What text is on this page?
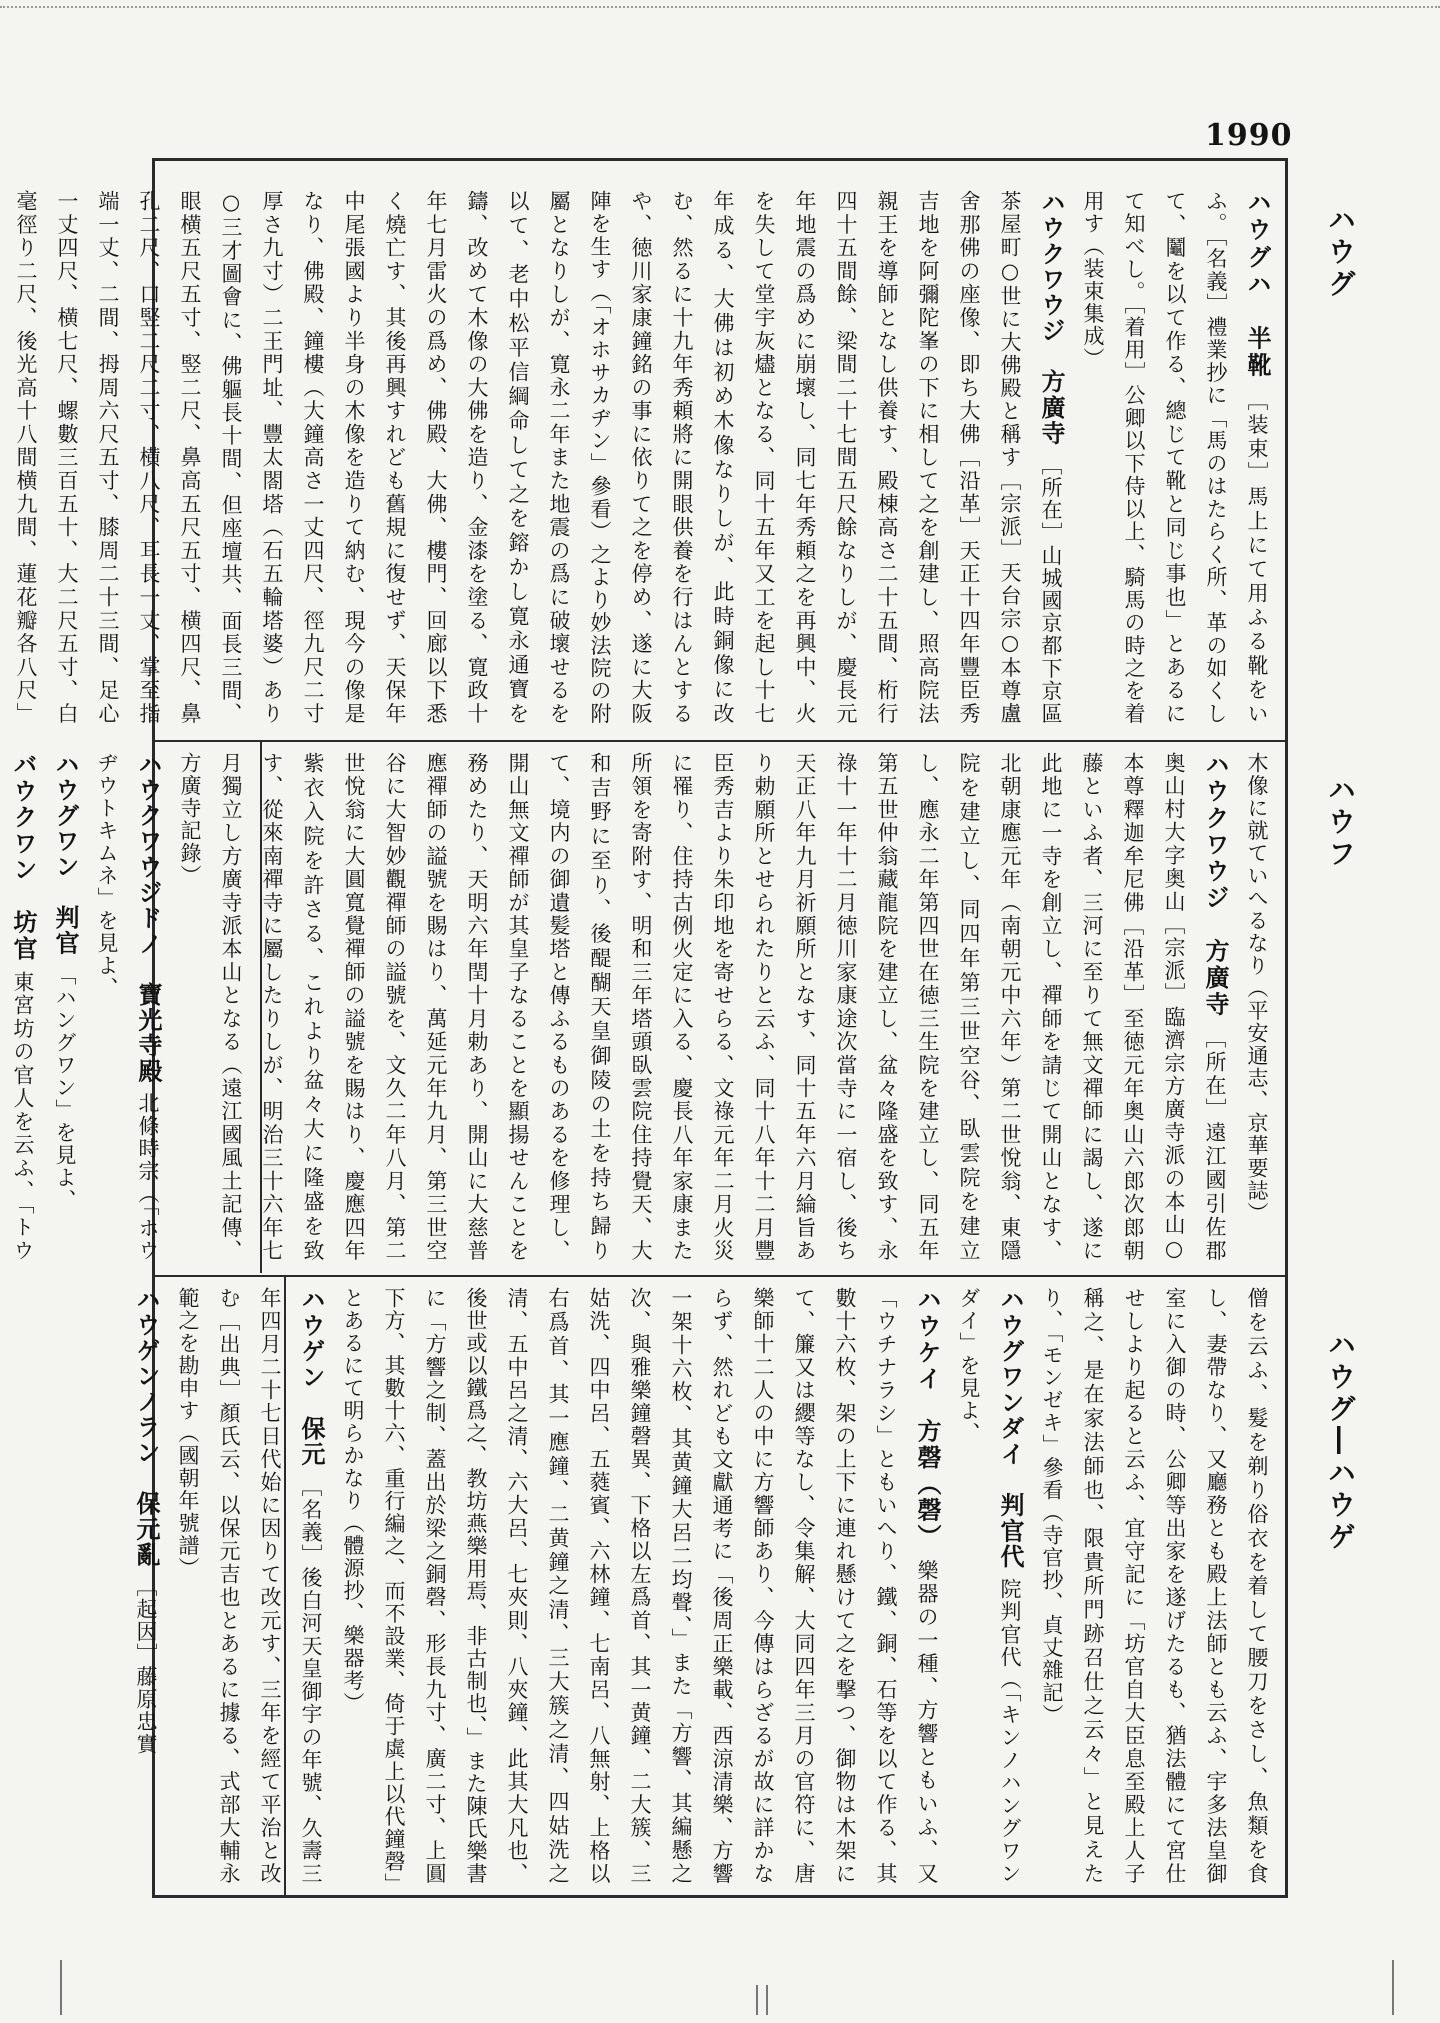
1990
ハウグ
ハウフ
ハウグ―ハウゲ
ハウグハ　半靴 ［装束］馬上にて用ふる靴をいふ。［名義］禮業抄に「馬のはたらく所、革の如くして、鬮を以て作る、總じて靴と同じ事也」とあるにて知べし。［着用］公卿以下侍以上、騎馬の時之を着用す（装束集成）
ハウクワウジ　方廣寺 ［所在］山城國京都下京區茶屋町○世に大佛殿と稱す［宗派］天台宗○本尊盧舍那佛の座像、即ち大佛［沿革］天正十四年豐臣秀吉地を阿彌陀峯の下に相して之を創建し、照高院法親王を導師となし供養す、殿棟高さ二十五間、桁行四十五間餘、梁間二十七間五尺餘なりしが、慶長元年地震の爲めに崩壞し、同七年秀頼之を再興中、火を失して堂宇灰燼となる、同十五年又工を起し十七年成る、大佛は初め木像なりしが、此時銅像に改む、然るに十九年秀頼將に開眼供養を行はんとするや、徳川家康鐘銘の事に依りて之を停め、遂に大阪陣を生す（「オホサカヂン」參看）之より妙法院の附屬となりしが、寛永二年また地震の爲に破壞せるを以て、老中松平信綱命して之を鎔かし寛永通寶を鑄、改めて木像の大佛を造り、金漆を塗る、寛政十年七月雷火の爲め、佛殿、大佛、樓門、回廊以下悉く燒亡す、其後再興すれども舊規に復せず、天保年中尾張國より半身の木像を造りて納む、現今の像是なり、佛殿、鐘樓（大鐘高さ一丈四尺、徑九尺二寸厚さ九寸）二王門址、豐太閤塔（石五輪塔婆）あり○三才圖會に、佛軀長十間、但座壇共、面長三間、眼横五尺五寸、竪二尺、鼻高五尺五寸、横四尺、鼻孔二尺、口竪二尺二寸、横八尺、耳長一丈、掌至指端一丈、二間、拇周六尺五寸、膝周二十三間、足心一丈四尺、横七尺、螺數三百五十、大二尺五寸、白毫徑り二尺、後光高十八間横九間、蓮花瓣各八尺」
木像に就ていへるなり（平安通志、京華要誌）
ハウクワウジ　方廣寺 ［所在］遠江國引佐郡奥山村大字奥山［宗派］臨濟宗方廣寺派の本山○本尊釋迦牟尼佛［沿革］至徳元年奥山六郎次郎朝藤といふ者、三河に至りて無文禪師に謁し、遂に此地に一寺を創立し、禪師を請じて開山となす、北朝康應元年（南朝元中六年）第二世悅翁、東隱院を建立し、同四年第三世空谷、臥雲院を建立し、應永二年第四世在徳三生院を建立し、同五年第五世仲翁藏龍院を建立し、盆々隆盛を致す、永祿十一年十二月徳川家康途次當寺に一宿し、後ち天正八年九月祈願所となす、同十五年六月綸旨あり勅願所とせられたりと云ふ、同十八年十二月豐臣秀吉より朱印地を寄せらる、文祿元年二月火災に罹り、住持古例火定に入る、慶長八年家康また所領を寄附す、明和三年塔頭臥雲院住持覺天、大和吉野に至り、後醍醐天皇御陵の土を持ち歸りて、境内の御遺髪塔と傳ふるものあるを修理し、開山無文禪師が其皇子なることを顯揚せんことを務めたり、天明六年閏十月勅あり、開山に大慈普應禪師の謚號を賜はり、萬延元年九月、第三世空谷に大智妙觀禪師の謚號を、文久二年八月、第二世悅翁に大圓寬覺禪師の謚號を賜はり、慶應四年紫衣入院を許さる、これより盆々大に隆盛を致す、從來南禪寺に屬したりしが、明治三十六年七月獨立し方廣寺派本山となる（遠江國風土記傳、方廣寺記錄）
ハウクワウジドノ　寶光寺殿 北條時宗（「ホウヂウトキムネ」を見よ、
ハウグワン　判官 「ハングワン」を見よ、
バウクワン　坊官 東宮坊の官人を云ふ、「トウ
僧を云ふ、髮を剃り俗衣を着して腰刀をさし、魚類を食し、妻帶なり、又廳務とも殿上法師とも云ふ、宇多法皇御室に入御の時、公卿等出家を遂げたるも、猶法體にて宮仕せしより起ると云ふ、宜守記に「坊官自大臣息至殿上人子稱之、是在家法師也、限貴所門跡召仕之云々」と見えたり、「モンゼキ」參看（寺官抄、貞丈雜記）
ハウグワンダイ　判官代 院判官代（「キンノハングワンダイ」を見よ、
ハウケイ　方磬（磬） 樂器の一種、方響ともいふ、又「ウチナラシ」ともいへり、鐵、銅、石等を以て作る、其數十六枚、架の上下に連れ懸けて之を撃つ、御物は木架にて、簾又は纓等なし、令集解、大同四年三月の官符に、唐樂師十二人の中に方響師あり、今傳はらざるが故に詳かならず、然れども文獻通考に「後周正樂載、西涼清樂、方響一架十六枚、其黄鐘大呂二均聲、」また「方響、其編懸之次、與雅樂鐘磬異、下格以左爲首、其一黄鐘、二大簇、三姑洗、四中呂、五蕤賓、六林鐘、七南呂、八無射、上格以右爲首、其一應鐘、二黄鐘之清、三大簇之清、四姑洗之清、五中呂之清、六大呂、七夾則、八夾鐘、此其大凡也、後世或以鐵爲之、教坊燕樂用焉、非古制也、」また陳氏樂書に「方響之制、蓋出於梁之銅磬、形長九寸、廣二寸、上圓下方、其數十六、重行編之、而不設業、倚于虡上以代鐘磬」とあるにて明らかなり（體源抄、樂器考）
ハウゲン　保元 ［名義］後白河天皇御宇の年號、久壽三年四月二十七日代始に因りて改元す、三年を經て平治と改む［出典］顏氏云、以保元吉也とあるに據る、式部大輔永範之を勘申す（國朝年號譜）
ハウゲンノラン　保元亂 ［起因］藤原忠實
